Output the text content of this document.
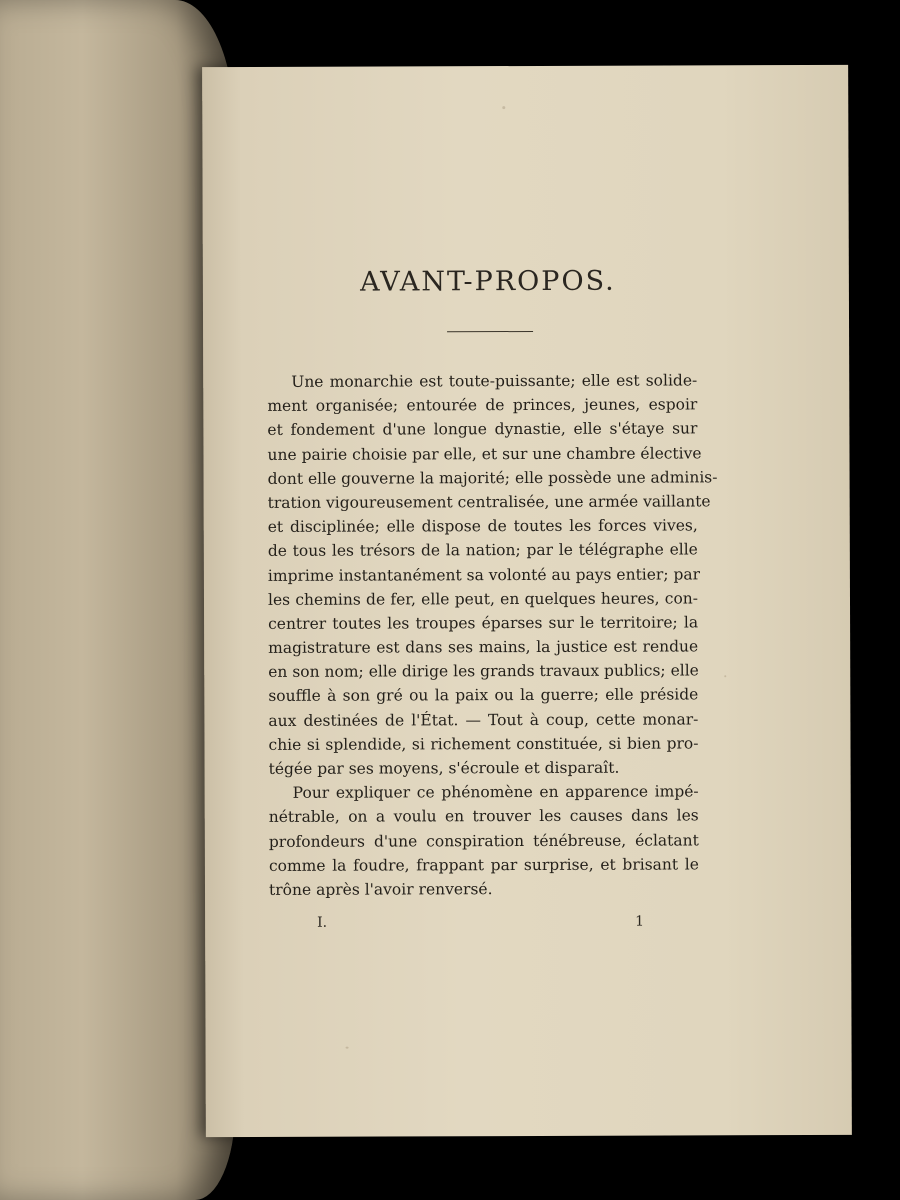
AVANT-PROPOS.
Une monarchie est toute-puissante; elle est solide-
ment organisée; entourée de princes, jeunes, espoir
et fondement d'une longue dynastie, elle s'étaye sur
une pairie choisie par elle, et sur une chambre élective
dont elle gouverne la majorité; elle possède une adminis-
tration vigoureusement centralisée, une armée vaillante
et disciplinée; elle dispose de toutes les forces vives,
de tous les trésors de la nation; par le télégraphe elle
imprime instantanément sa volonté au pays entier; par
les chemins de fer, elle peut, en quelques heures, con-
centrer toutes les troupes éparses sur le territoire; la
magistrature est dans ses mains, la justice est rendue
en son nom; elle dirige les grands travaux publics; elle
souffle à son gré ou la paix ou la guerre; elle préside
aux destinées de l'État. — Tout à coup, cette monar-
chie si splendide, si richement constituée, si bien pro-
tégée par ses moyens, s'écroule et disparaît.
Pour expliquer ce phénomène en apparence impé-
nétrable, on a voulu en trouver les causes dans les
profondeurs d'une conspiration ténébreuse, éclatant
comme la foudre, frappant par surprise, et brisant le
trône après l'avoir renversé.
I.	1
